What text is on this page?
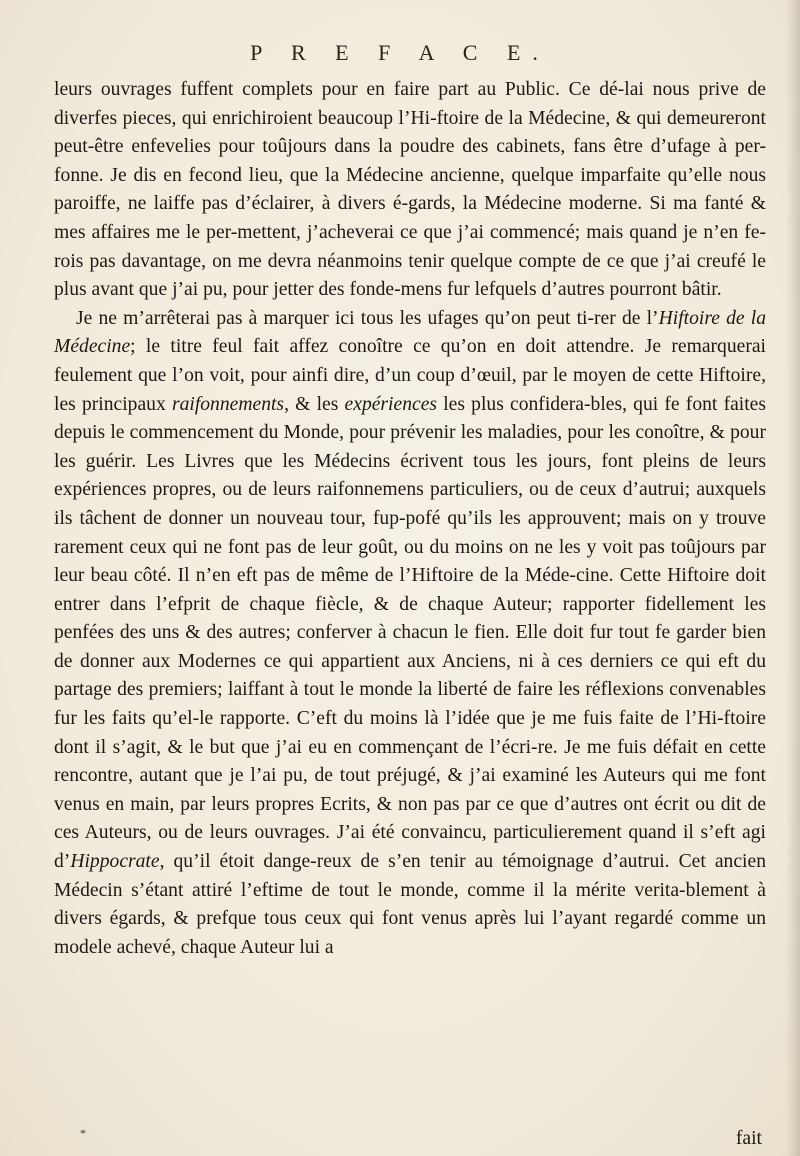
P R E F A C E.

leurs ouvrages fuffent complets pour en faire part au Public. Ce dé-lai nous prive de diverfes pieces, qui enrichiroient beaucoup l’Hi-ftoire de la Médecine, & qui demeureront peut-être enfevelies pour toûjours dans la poudre des cabinets, fans être d’ufage à per-fonne. Je dis en fecond lieu, que la Médecine ancienne, quelque imparfaite qu’elle nous paroiffe, ne laiffe pas d’éclairer, à divers é-gards, la Médecine moderne. Si ma fanté & mes affaires me le per-mettent, j’acheverai ce que j’ai commencé; mais quand je n’en fe-rois pas davantage, on me devra néanmoins tenir quelque compte de ce que j’ai creufé le plus avant que j’ai pu, pour jetter des fonde-mens fur lefquels d’autres pourront bâtir.

Je ne m’arrêterai pas à marquer ici tous les ufages qu’on peut ti-rer de l’Hiftoire de la Médecine; le titre feul fait affez conoître ce qu’on en doit attendre. Je remarquerai feulement que l’on voit, pour ainfi dire, d’un coup d’œuil, par le moyen de cette Hiftoire, les principaux raifonnements, & les expériences les plus confidera-bles, qui fe font faites depuis le commencement du Monde, pour prévenir les maladies, pour les conoître, & pour les guérir. Les Livres que les Médecins écrivent tous les jours, font pleins de leurs expériences propres, ou de leurs raifonnemens particuliers, ou de ceux d’autrui; auxquels ils tâchent de donner un nouveau tour, fup-pofé qu’ils les approuvent; mais on y trouve rarement ceux qui ne font pas de leur goût, ou du moins on ne les y voit pas toûjours par leur beau côté. Il n’en eft pas de même de l’Hiftoire de la Méde-cine. Cette Hiftoire doit entrer dans l’efprit de chaque fiècle, & de chaque Auteur; rapporter fidellement les penfées des uns & des autres; conferver à chacun le fien. Elle doit fur tout fe garder bien de donner aux Modernes ce qui appartient aux Anciens, ni à ces derniers ce qui eft du partage des premiers; laiffant à tout le monde la liberté de faire les réflexions convenables fur les faits qu’el-le rapporte. C’eft du moins là l’idée que je me fuis faite de l’Hi-ftoire dont il s’agit, & le but que j’ai eu en commençant de l’écri-re. Je me fuis défait en cette rencontre, autant que je l’ai pu, de tout préjugé, & j’ai examiné les Auteurs qui me font venus en main, par leurs propres Ecrits, & non pas par ce que d’autres ont écrit ou dit de ces Auteurs, ou de leurs ouvrages. J’ai été convaincu, particulierement quand il s’eft agi d’Hippocrate, qu’il étoit dange-reux de s’en tenir au témoignage d’autrui. Cet ancien Médecin s’étant attiré l’eftime de tout le monde, comme il la mérite verita-blement à divers égards, & prefque tous ceux qui font venus après lui l’ayant regardé comme un modele achevé, chaque Auteur lui a

*	fait
